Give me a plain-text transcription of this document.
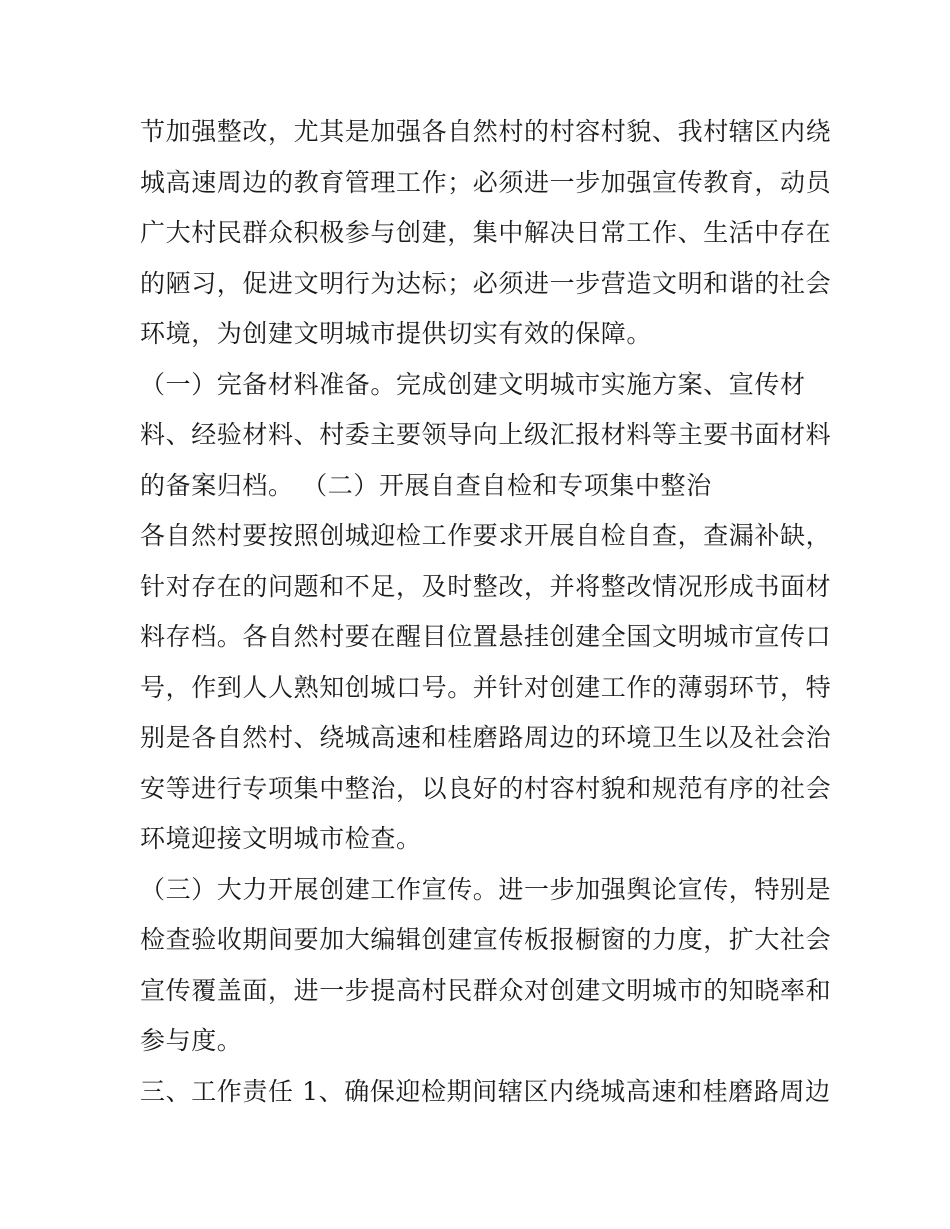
节加强整改，尤其是加强各自然村的村容村貌、我村辖区内绕
城高速周边的教育管理工作；必须进一步加强宣传教育，动员
广大村民群众积极参与创建，集中解决日常工作、生活中存在
的陋习，促进文明行为达标；必须进一步营造文明和谐的社会
环境，为创建文明城市提供切实有效的保障。
（一）完备材料准备。完成创建文明城市实施方案、宣传材
料、经验材料、村委主要领导向上级汇报材料等主要书面材料
的备案归档。 （二）开展自查自检和专项集中整治
各自然村要按照创城迎检工作要求开展自检自查，查漏补缺，
针对存在的问题和不足，及时整改，并将整改情况形成书面材
料存档。各自然村要在醒目位置悬挂创建全国文明城市宣传口
号，作到人人熟知创城口号。并针对创建工作的薄弱环节，特
别是各自然村、绕城高速和桂磨路周边的环境卫生以及社会治
安等进行专项集中整治，以良好的村容村貌和规范有序的社会
环境迎接文明城市检查。
（三）大力开展创建工作宣传。进一步加强舆论宣传，特别是
检查验收期间要加大编辑创建宣传板报橱窗的力度，扩大社会
宣传覆盖面，进一步提高村民群众对创建文明城市的知晓率和
参与度。
三、工作责任 1、确保迎检期间辖区内绕城高速和桂磨路周边
